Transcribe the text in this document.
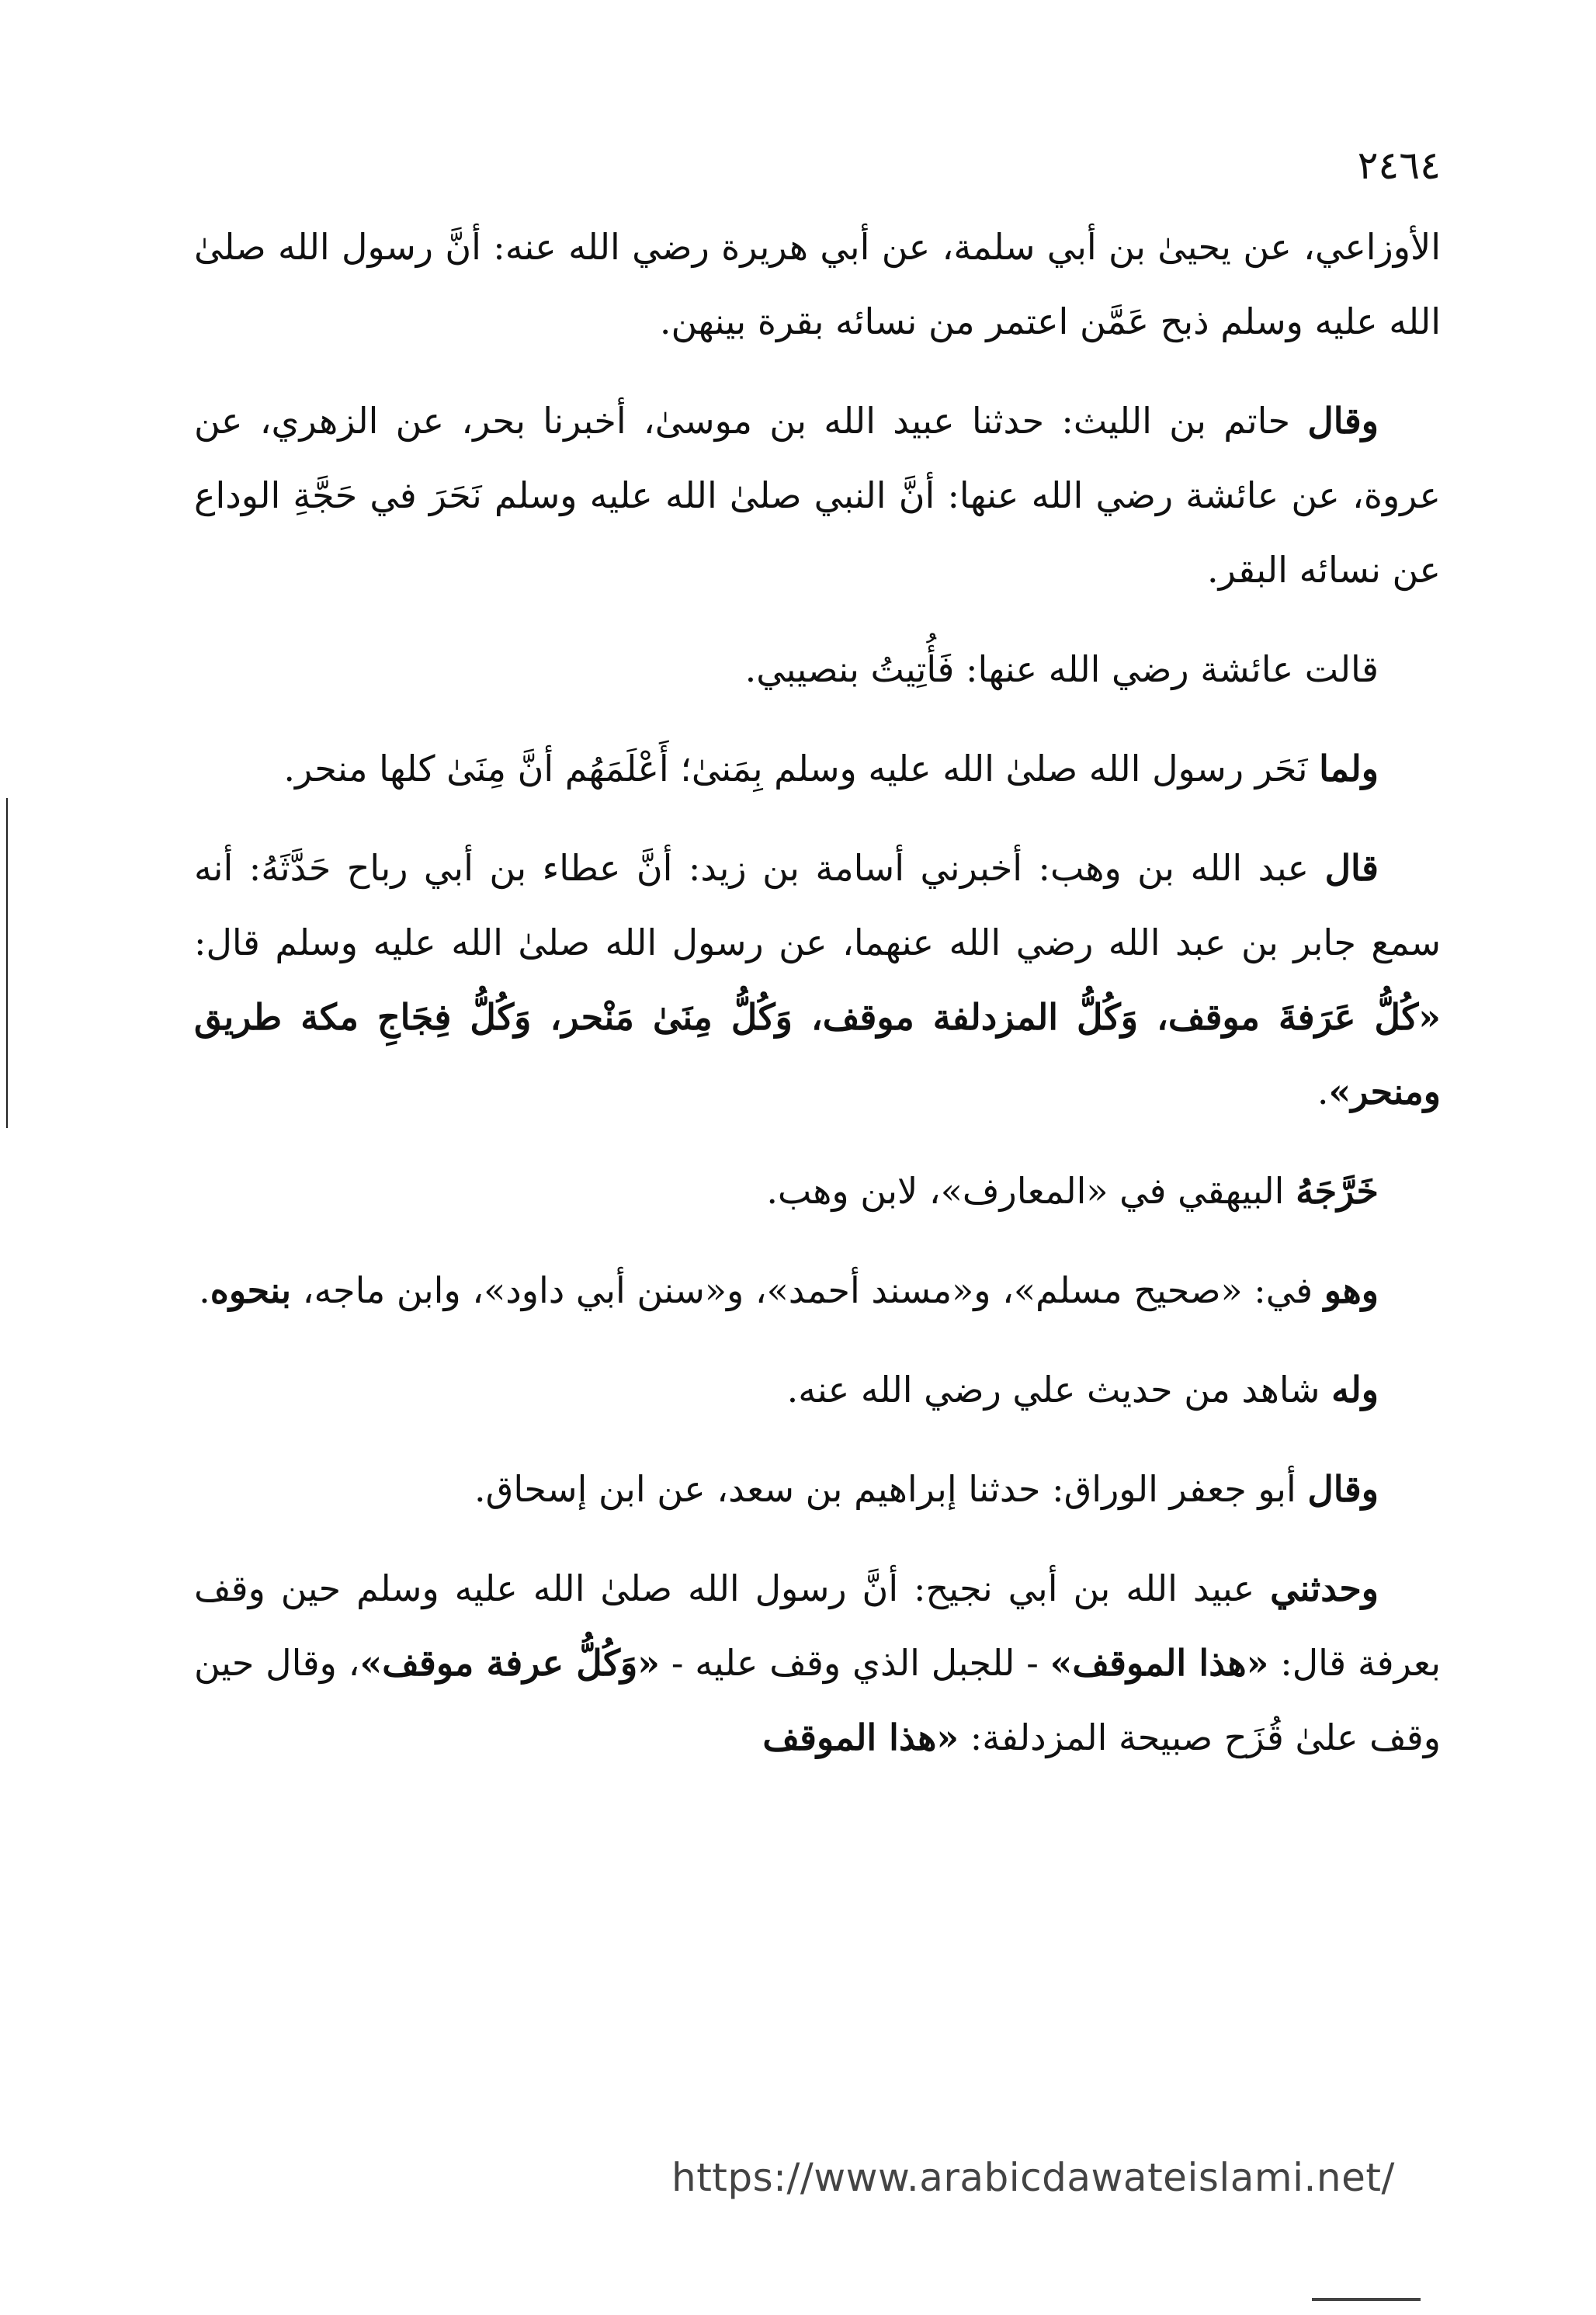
٢٤٦٤

الأوزاعي، عن يحيىٰ بن أبي سلمة، عن أبي هريرة رضي الله عنه: أنَّ رسول الله صلىٰ الله عليه وسلم ذبح عَمَّن اعتمر من نسائه بقرة بينهن.

وقال حاتم بن الليث: حدثنا عبيد الله بن موسىٰ، أخبرنا بحر، عن الزهري، عن عروة، عن عائشة رضي الله عنها: أنَّ النبي صلىٰ الله عليه وسلم نَحَرَ في حَجَّةِ الوداع عن نسائه البقر.

قالت عائشة رضي الله عنها: فَأُتِيتُ بنصيبي.

ولما نَحَر رسول الله صلىٰ الله عليه وسلم بِمَنىٰ؛ أَعْلَمَهُم أنَّ مِنَىٰ كلها منحر.

قال عبد الله بن وهب: أخبرني أسامة بن زيد: أنَّ عطاء بن أبي رباح حَدَّثَهُ: أنه سمع جابر بن عبد الله رضي الله عنهما، عن رسول الله صلىٰ الله عليه وسلم قال: «كُلُّ عَرَفةَ موقف، وَكُلُّ المزدلفة موقف، وَكُلُّ مِنَىٰ مَنْحر، وَكُلُّ فِجَاجِ مكة طريق ومنحر».

خَرَّجَهُ البيهقي في «المعارف»، لابن وهب.

وهو في: «صحيح مسلم»، و«مسند أحمد»، و«سنن أبي داود»، وابن ماجه، بنحوه.

وله شاهد من حديث علي رضي الله عنه.

وقال أبو جعفر الوراق: حدثنا إبراهيم بن سعد، عن ابن إسحاق.

وحدثني عبيد الله بن أبي نجيح: أنَّ رسول الله صلىٰ الله عليه وسلم حين وقف بعرفة قال: «هذا الموقف» - للجبل الذي وقف عليه - «وَكُلُّ عرفة موقف»، وقال حين وقف علىٰ قُزَح صبيحة المزدلفة: «هذا الموقف

https://www.arabicdawateislami.net/
